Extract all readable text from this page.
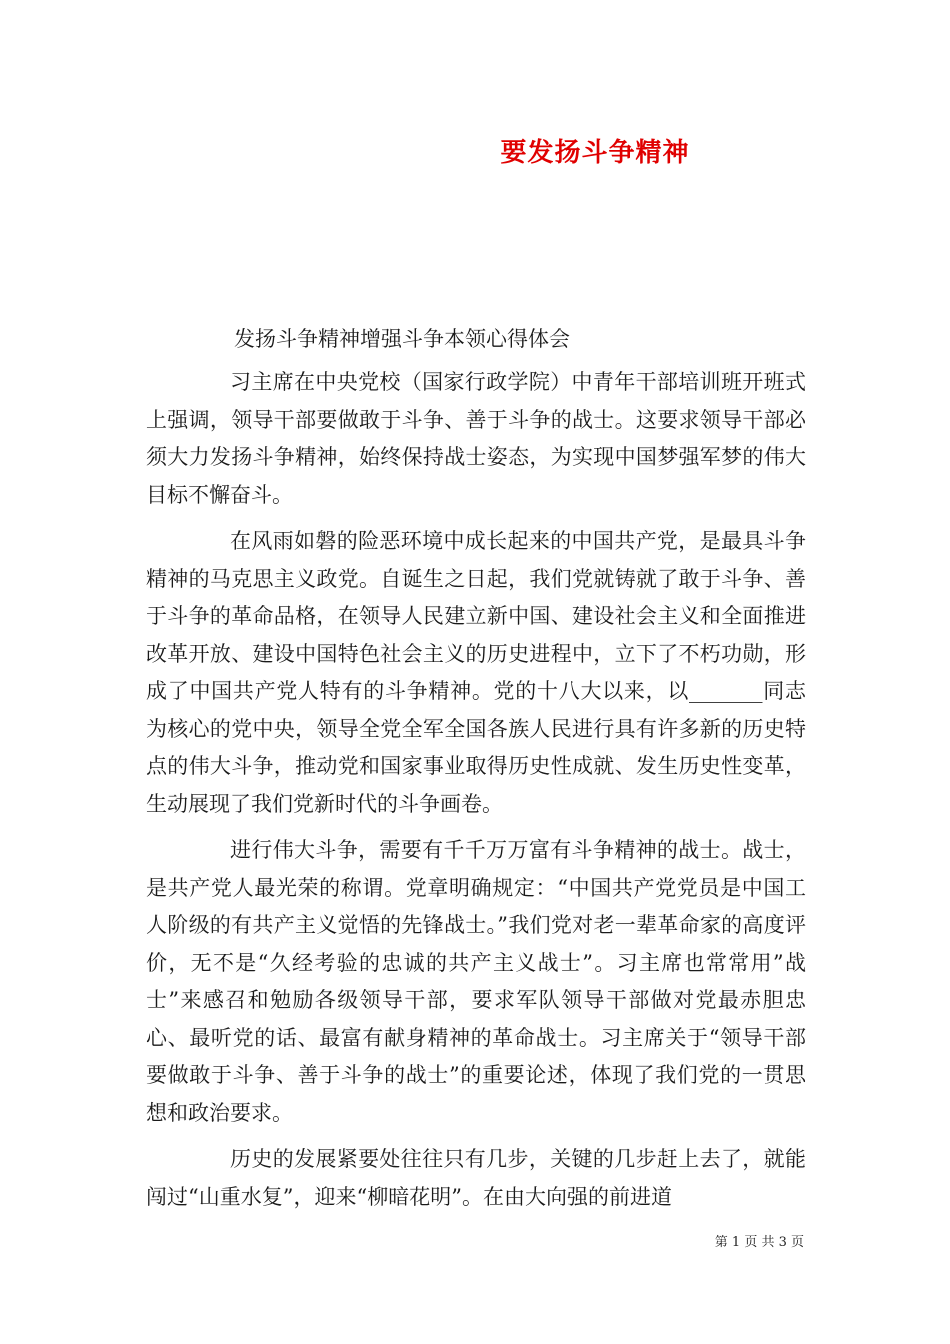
要发扬斗争精神
发扬斗争精神增强斗争本领心得体会

习主席在中央党校（国家行政学院）中青年干部培训班开班式上强调，领导干部要做敢于斗争、善于斗争的战士。这要求领导干部必须大力发扬斗争精神，始终保持战士姿态，为实现中国梦强军梦的伟大目标不懈奋斗。

在风雨如磐的险恶环境中成长起来的中国共产党，是最具斗争精神的马克思主义政党。自诞生之日起，我们党就铸就了敢于斗争、善于斗争的革命品格，在领导人民建立新中国、建设社会主义和全面推进改革开放、建设中国特色社会主义的历史进程中，立下了不朽功勋，形成了中国共产党人特有的斗争精神。党的十八大以来，以_______同志为核心的党中央，领导全党全军全国各族人民进行具有许多新的历史特点的伟大斗争，推动党和国家事业取得历史性成就、发生历史性变革，生动展现了我们党新时代的斗争画卷。

进行伟大斗争，需要有千千万万富有斗争精神的战士。战士，是共产党人最光荣的称谓。党章明确规定：“中国共产党党员是中国工人阶级的有共产主义觉悟的先锋战士。”我们党对老一辈革命家的高度评价，无不是“久经考验的忠诚的共产主义战士”。习主席也常常用”战士”来感召和勉励各级领导干部，要求军队领导干部做对党最赤胆忠心、最听党的话、最富有献身精神的革命战士。习主席关于“领导干部要做敢于斗争、善于斗争的战士”的重要论述，体现了我们党的一贯思想和政治要求。

历史的发展紧要处往往只有几步，关键的几步赶上去了，就能闯过“山重水复”，迎来“柳暗花明”。在由大向强的前进道

第 1 页 共 3 页
